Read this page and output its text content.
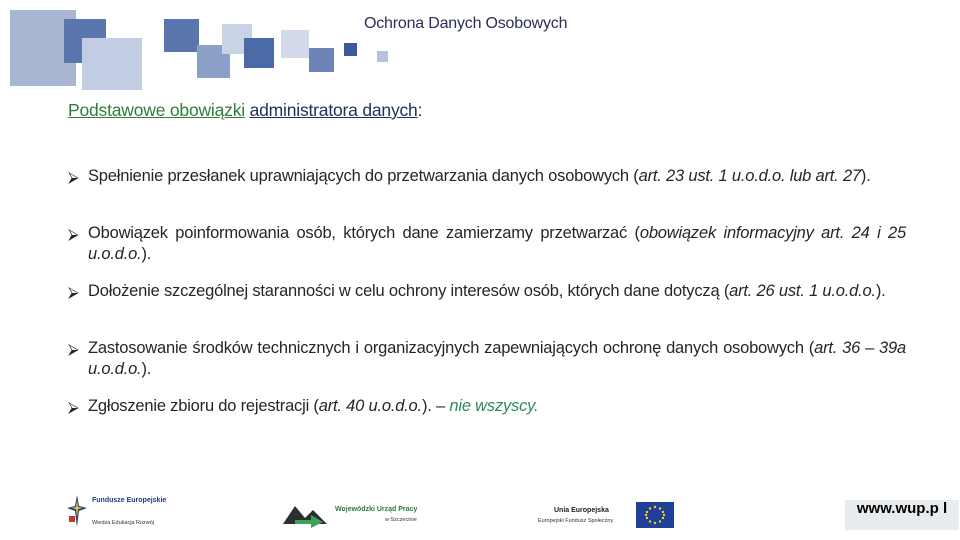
Ochrona Danych Osobowych
Podstawowe obowiązki administratora danych:
⮚ Spełnienie przesłanek uprawniających do przetwarzania danych osobowych (art. 23 ust. 1 u.o.d.o. lub art. 27).
⮚ Obowiązek poinformowania osób, których dane zamierzamy przetwarzać (obowiązek informacyjny art. 24 i 25 u.o.d.o.).
⮚ Dołożenie szczególnej staranności w celu ochrony interesów osób, których dane dotyczą (art. 26 ust. 1 u.o.d.o.).
⮚ Zastosowanie środków technicznych i organizacyjnych zapewniających ochronę danych osobowych (art. 36 – 39a u.o.d.o.).
⮚ Zgłoszenie zbioru do rejestracji (art. 40 u.o.d.o.). – nie wszyscy.
Fundusze Europejskie
Wiedza Edukacja Rozwój
Wojewódzki Urząd Pracy
w Szczecinie
Unia Europejska
Europejski Fundusz Społeczny
www.wup.p l
